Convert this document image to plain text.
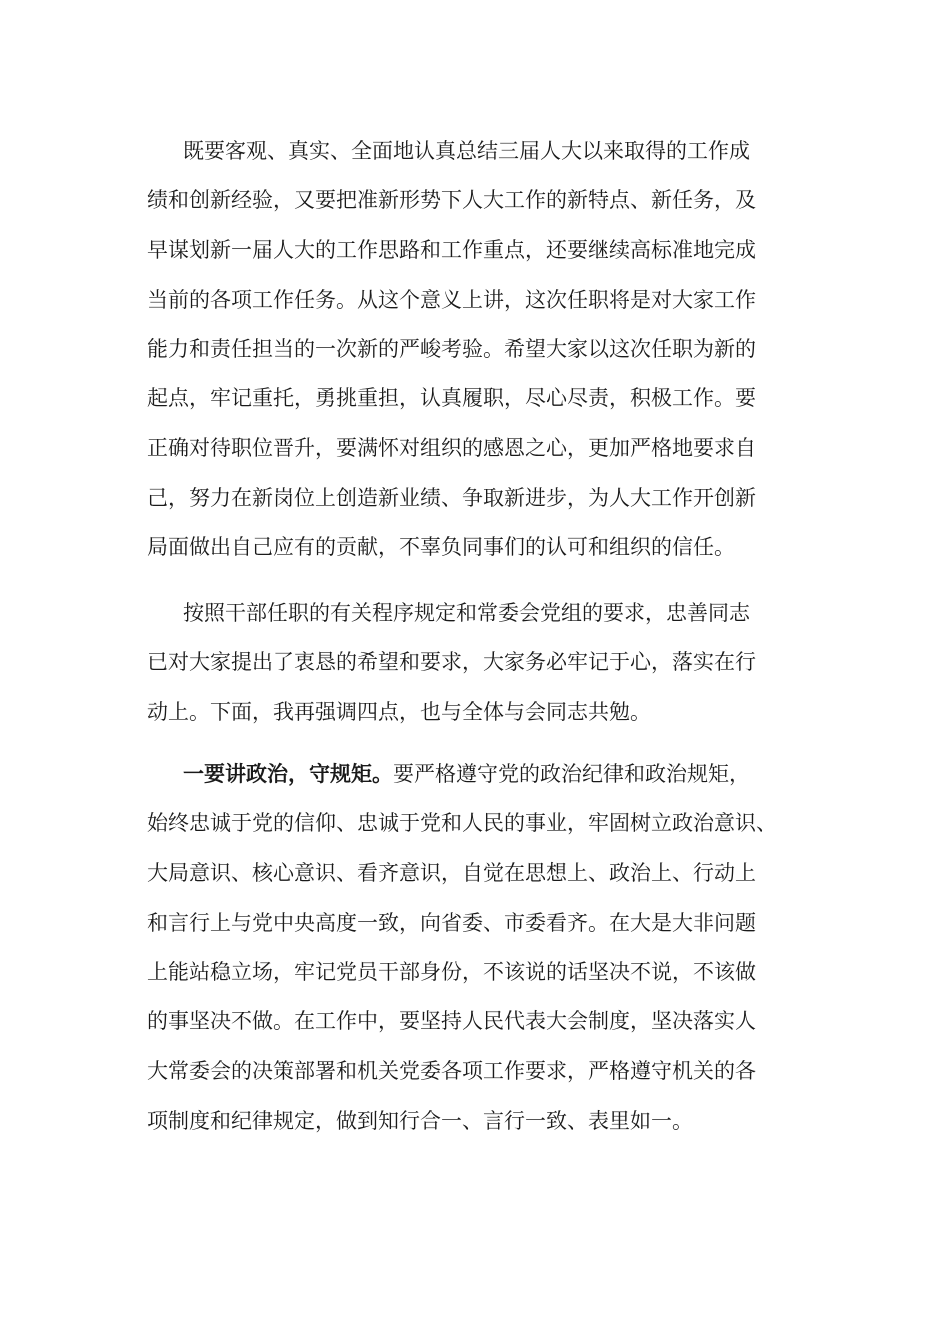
既要客观、真实、全面地认真总结三届人大以来取得的工作成
绩和创新经验，又要把准新形势下人大工作的新特点、新任务，及
早谋划新一届人大的工作思路和工作重点，还要继续高标准地完成
当前的各项工作任务。从这个意义上讲，这次任职将是对大家工作
能力和责任担当的一次新的严峻考验。希望大家以这次任职为新的
起点，牢记重托，勇挑重担，认真履职，尽心尽责，积极工作。要
正确对待职位晋升，要满怀对组织的感恩之心，更加严格地要求自
己，努力在新岗位上创造新业绩、争取新进步，为人大工作开创新
局面做出自己应有的贡献，不辜负同事们的认可和组织的信任。
按照干部任职的有关程序规定和常委会党组的要求，忠善同志
已对大家提出了衷恳的希望和要求，大家务必牢记于心，落实在行
动上。下面，我再强调四点，也与全体与会同志共勉。
一要讲政治，守规矩。要严格遵守党的政治纪律和政治规矩，
始终忠诚于党的信仰、忠诚于党和人民的事业，牢固树立政治意识、
大局意识、核心意识、看齐意识，自觉在思想上、政治上、行动上
和言行上与党中央高度一致，向省委、市委看齐。在大是大非问题
上能站稳立场，牢记党员干部身份，不该说的话坚决不说，不该做
的事坚决不做。在工作中，要坚持人民代表大会制度，坚决落实人
大常委会的决策部署和机关党委各项工作要求，严格遵守机关的各
项制度和纪律规定，做到知行合一、言行一致、表里如一。
